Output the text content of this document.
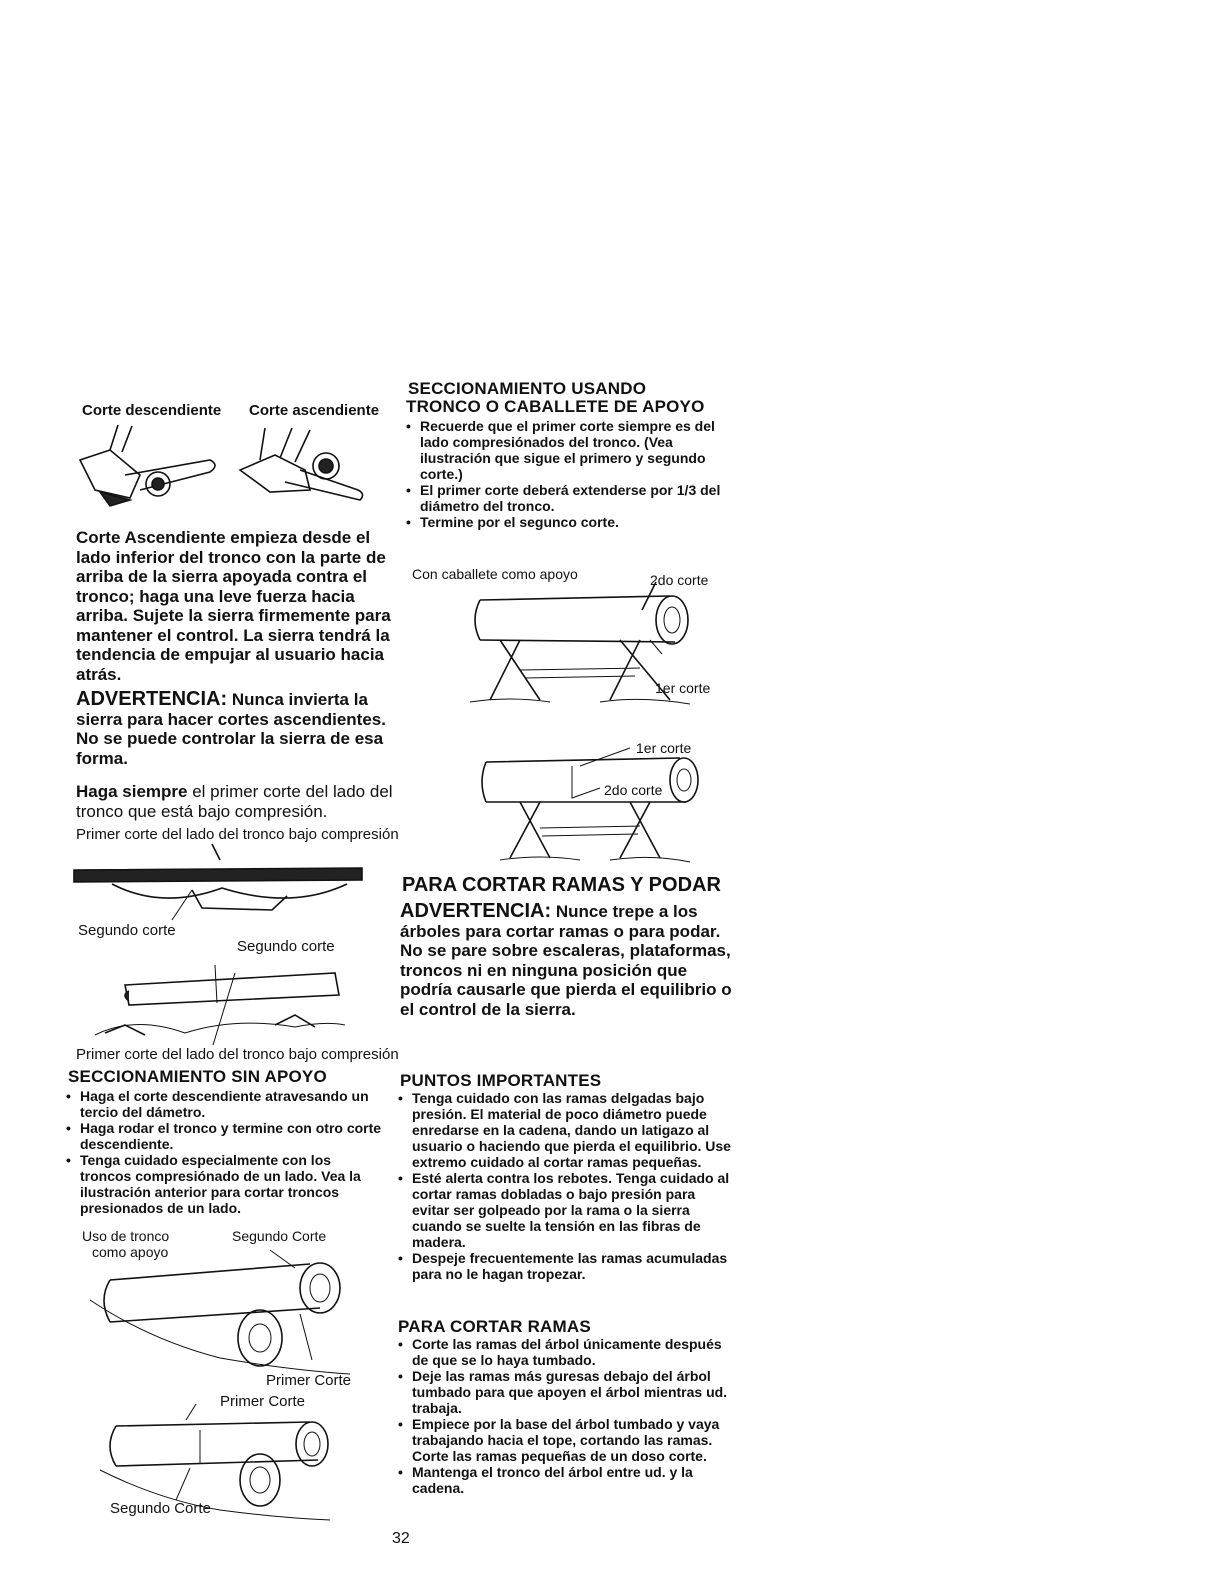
Corte descendiente Corte ascendiente
Corte Ascendiente empieza desde el lado inferior del tronco con la parte de arriba de la sierra apoyada contra el tronco; haga una leve fuerza hacia arriba. Sujete la sierra firmemente para mantener el control. La sierra tendrá la tendencia de empujar al usuario hacia atrás.
ADVERTENCIA: Nunca invierta la sierra para hacer cortes ascendientes. No se puede controlar la sierra de esa forma.
Haga siempre el primer corte del lado del tronco que está bajo compresión.
Primer corte del lado del tronco bajo compresión
Segundo corte
Segundo corte
Primer corte del lado del tronco bajo compresión
SECCIONAMIENTO SIN APOYO
• Haga el corte descendiente atravesando un tercio del dámetro.
• Haga rodar el tronco y termine con otro corte descendiente.
• Tenga cuidado especialmente con los troncos compresiónado de un lado. Vea la ilustración anterior para cortar troncos presionados de un lado.
Uso de tronco
como apoyo
Segundo Corte
Primer Corte
Primer Corte
Segundo Corte
SECCIONAMIENTO USANDO
TRONCO O CABALLETE DE APOYO
• Recuerde que el primer corte siempre es del lado compresiónados del tronco. (Vea ilustración que sigue el primero y segundo corte.)
• El primer corte deberá extenderse por 1/3 del diámetro del tronco.
• Termine por el segunco corte.
Con caballete como apoyo	2do corte
1er corte
1er corte
2do corte
PARA CORTAR RAMAS Y PODAR
ADVERTENCIA: Nunce trepe a los árboles para cortar ramas o para podar. No se pare sobre escaleras, plataformas, troncos ni en ninguna posición que podría causarle que pierda el equilibrio o el control de la sierra.
PUNTOS IMPORTANTES
• Tenga cuidado con las ramas delgadas bajo presión. El material de poco diámetro puede enredarse en la cadena, dando un latigazo al usuario o haciendo que pierda el equilibrio. Use extremo cuidado al cortar ramas pequeñas.
• Esté alerta contra los rebotes. Tenga cuidado al cortar ramas dobladas o bajo presión para evitar ser golpeado por la rama o la sierra cuando se suelte la tensión en las fibras de madera.
• Despeje frecuentemente las ramas acumuladas para no le hagan tropezar.
PARA CORTAR RAMAS
• Corte las ramas del árbol únicamente después de que se lo haya tumbado.
• Deje las ramas más guresas debajo del árbol tumbado para que apoyen el árbol mientras ud. trabaja.
• Empiece por la base del árbol tumbado y vaya trabajando hacia el tope, cortando las ramas. Corte las ramas pequeñas de un doso corte.
• Mantenga el tronco del árbol entre ud. y la cadena.
32
